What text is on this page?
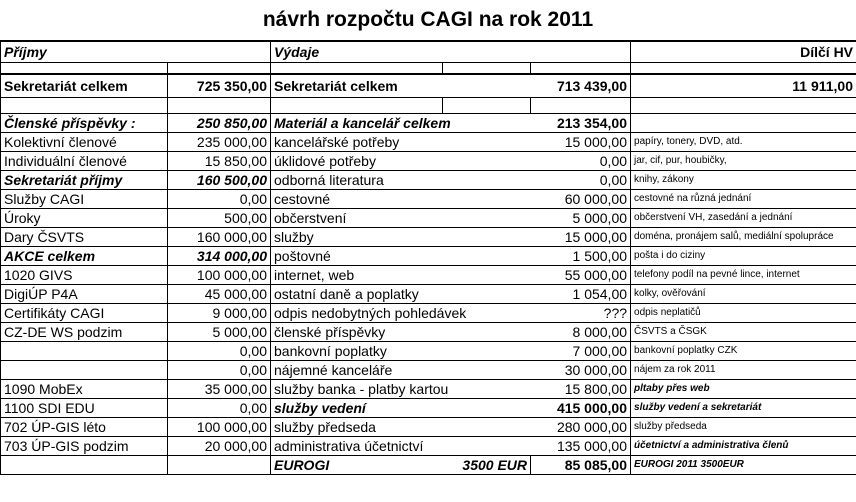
návrh rozpočtu CAGI na rok 2011
Příjmy		Výdaje			Dílčí HV

Sekretariát celkem	725 350,00	Sekretariát celkem		713 439,00	11 911,00

Členské příspěvky :	250 850,00	Materiál a kancelář celkem		213 354,00	
Kolektivní členové	235 000,00	kancelářské potřeby		15 000,00	papíry, tonery, DVD, atd.
Individuální členové	15 850,00	úklidové potřeby		0,00	jar, cif, pur, houbičky,
Sekretariát příjmy	160 500,00	odborná literatura		0,00	knihy, zákony
Služby CAGI	0,00	cestovné		60 000,00	cestovné na různá jednání
Úroky	500,00	občerstvení		5 000,00	občerstvení VH, zasedání a jednání
Dary ČSVTS	160 000,00	služby		15 000,00	doména, pronájem salů, mediální spolupráce
AKCE celkem	314 000,00	poštovné		1 500,00	pošta i do ciziny
1020 GIVS	100 000,00	internet, web		55 000,00	telefony podíl na pevné lince, internet
DigiÚP P4A	45 000,00	ostatní daně a poplatky		1 054,00	kolky, ověřování
Certifikáty CAGI	9 000,00	odpis nedobytných pohledávek		???	odpis neplatičů
CZ-DE WS podzim	5 000,00	členské příspěvky		8 000,00	ČSVTS a ČSGK
	0,00	bankovní poplatky		7 000,00	bankovní poplatky CZK
	0,00	nájemné kanceláře		30 000,00	nájem za rok 2011
1090 MobEx	35 000,00	služby banka - platby kartou		15 800,00	pltaby přes web
1100 SDI EDU	0,00	služby vedení		415 000,00	služby vedení a sekretariát
702 ÚP-GIS léto	100 000,00	služby předseda		280 000,00	služby předseda
703 ÚP-GIS podzim	20 000,00	administrativa účetnictví		135 000,00	účetnictví a administrativa členů
		EUROGI	3500 EUR	85 085,00	EUROGI 2011 3500EUR
